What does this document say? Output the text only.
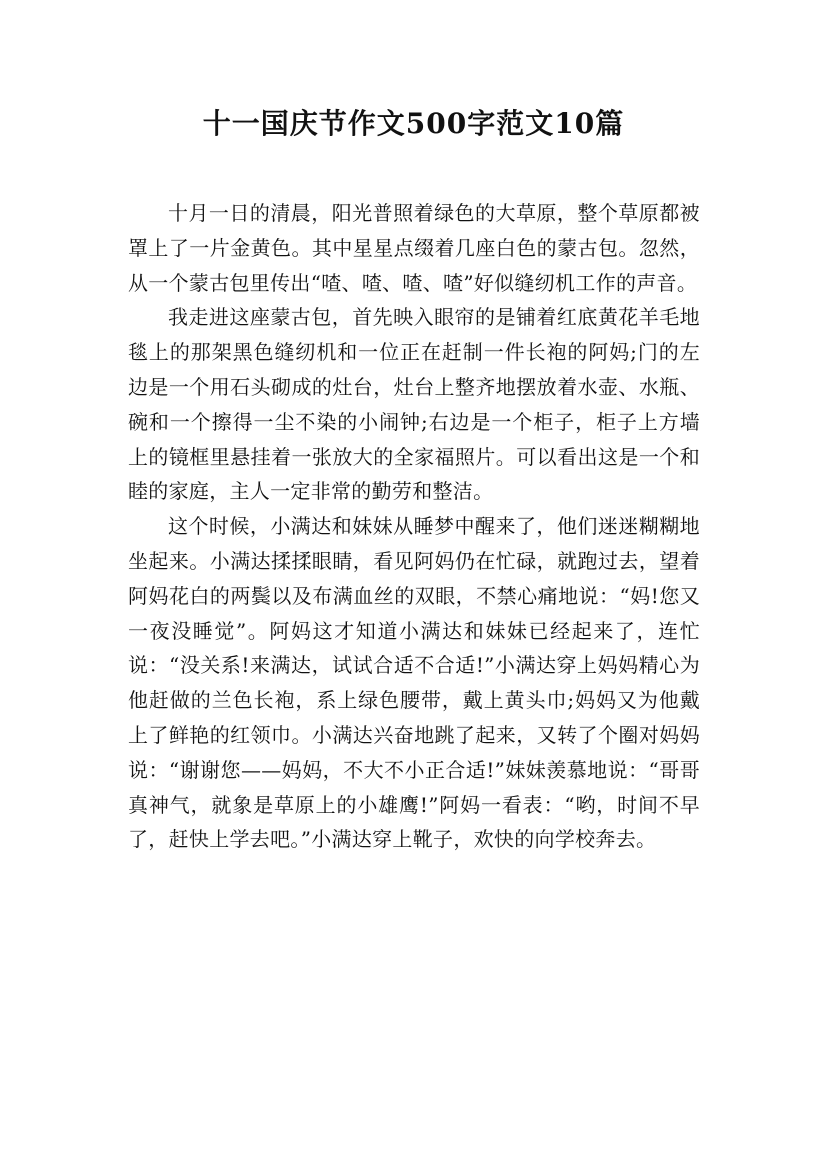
十一国庆节作文500字范文10篇

十月一日的清晨，阳光普照着绿色的大草原，整个草原都被罩上了一片金黄色。其中星星点缀着几座白色的蒙古包。忽然，从一个蒙古包里传出“喳、喳、喳、喳”好似缝纫机工作的声音。

我走进这座蒙古包，首先映入眼帘的是铺着红底黄花羊毛地毯上的那架黑色缝纫机和一位正在赶制一件长袍的阿妈;门的左边是一个用石头砌成的灶台，灶台上整齐地摆放着水壶、水瓶、碗和一个擦得一尘不染的小闹钟;右边是一个柜子，柜子上方墙上的镜框里悬挂着一张放大的全家福照片。可以看出这是一个和睦的家庭，主人一定非常的勤劳和整洁。

这个时候，小满达和妹妹从睡梦中醒来了，他们迷迷糊糊地坐起来。小满达揉揉眼睛，看见阿妈仍在忙碌，就跑过去，望着阿妈花白的两鬓以及布满血丝的双眼，不禁心痛地说：“妈!您又一夜没睡觉”。阿妈这才知道小满达和妹妹已经起来了，连忙说：“没关系!来满达，试试合适不合适!”小满达穿上妈妈精心为他赶做的兰色长袍，系上绿色腰带，戴上黄头巾;妈妈又为他戴上了鲜艳的红领巾。小满达兴奋地跳了起来，又转了个圈对妈妈说：“谢谢您——妈妈，不大不小正合适!”妹妹羡慕地说：“哥哥真神气，就象是草原上的小雄鹰!”阿妈一看表：“哟，时间不早了，赶快上学去吧。”小满达穿上靴子，欢快的向学校奔去。
